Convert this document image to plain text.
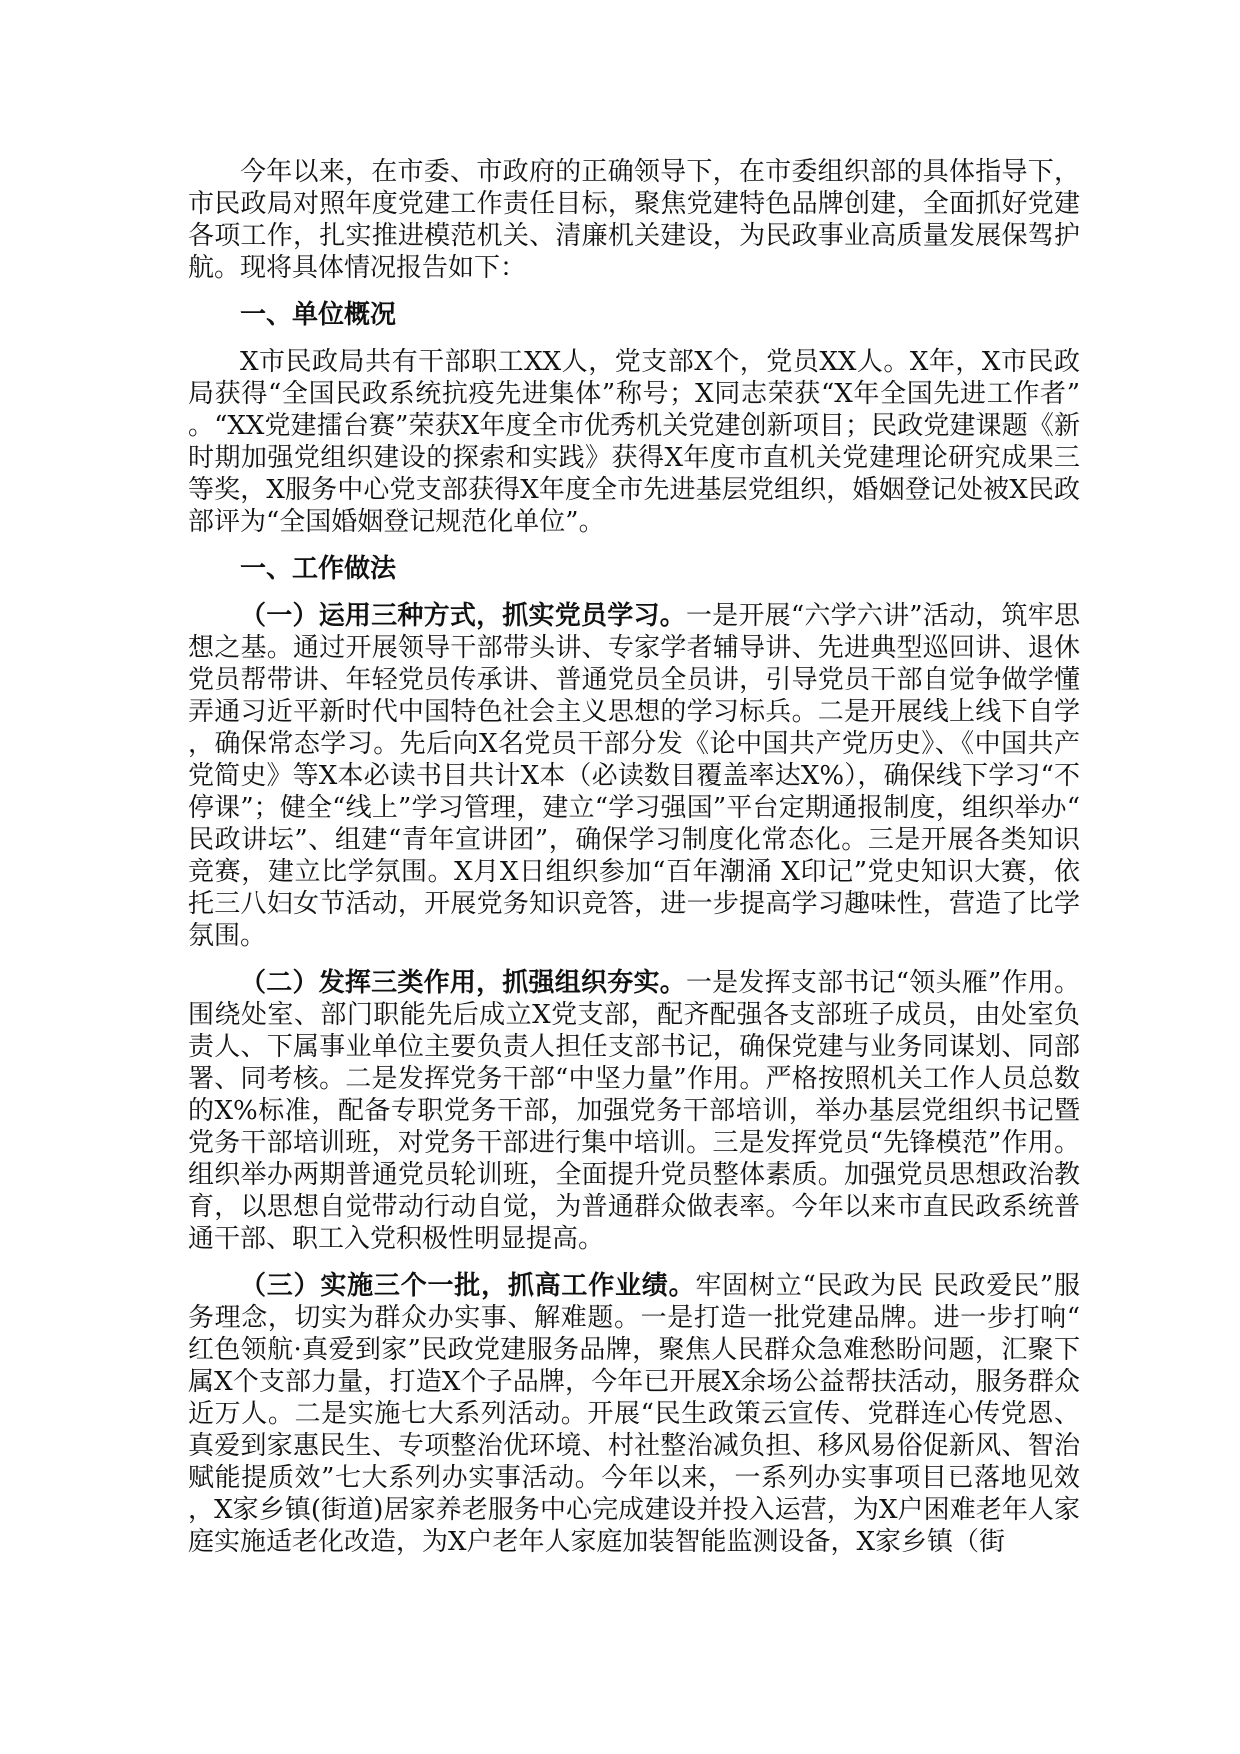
今年以来，在市委、市政府的正确领导下，在市委组织部的具体指导下，市民政局对照年度党建工作责任目标，聚焦党建特色品牌创建，全面抓好党建各项工作，扎实推进模范机关、清廉机关建设，为民政事业高质量发展保驾护航。现将具体情况报告如下：

一、单位概况

X市民政局共有干部职工XX人，党支部X个，党员XX人。X年，X市民政局获得“全国民政系统抗疫先进集体”称号；X同志荣获“X年全国先进工作者”。“XX党建擂台赛”荣获X年度全市优秀机关党建创新项目；民政党建课题《新时期加强党组织建设的探索和实践》获得X年度市直机关党建理论研究成果三等奖，X服务中心党支部获得X年度全市先进基层党组织，婚姻登记处被X民政部评为“全国婚姻登记规范化单位”。

一、工作做法

（一）运用三种方式，抓实党员学习。一是开展“六学六讲”活动，筑牢思想之基。通过开展领导干部带头讲、专家学者辅导讲、先进典型巡回讲、退休党员帮带讲、年轻党员传承讲、普通党员全员讲，引导党员干部自觉争做学懂弄通习近平新时代中国特色社会主义思想的学习标兵。二是开展线上线下自学，确保常态学习。先后向X名党员干部分发《论中国共产党历史》、《中国共产党简史》等X本必读书目共计X本（必读数目覆盖率达X%），确保线下学习“不停课”；健全“线上”学习管理，建立“学习强国”平台定期通报制度，组织举办“民政讲坛”、组建“青年宣讲团”，确保学习制度化常态化。三是开展各类知识竞赛，建立比学氛围。X月X日组织参加“百年潮涌 X印记”党史知识大赛，依托三八妇女节活动，开展党务知识竞答，进一步提高学习趣味性，营造了比学氛围。

（二）发挥三类作用，抓强组织夯实。一是发挥支部书记“领头雁”作用。围绕处室、部门职能先后成立X党支部，配齐配强各支部班子成员，由处室负责人、下属事业单位主要负责人担任支部书记，确保党建与业务同谋划、同部署、同考核。二是发挥党务干部“中坚力量”作用。严格按照机关工作人员总数的X%标准，配备专职党务干部，加强党务干部培训，举办基层党组织书记暨党务干部培训班，对党务干部进行集中培训。三是发挥党员“先锋模范”作用。组织举办两期普通党员轮训班，全面提升党员整体素质。加强党员思想政治教育，以思想自觉带动行动自觉，为普通群众做表率。今年以来市直民政系统普通干部、职工入党积极性明显提高。

（三）实施三个一批，抓高工作业绩。牢固树立“民政为民 民政爱民”服务理念，切实为群众办实事、解难题。一是打造一批党建品牌。进一步打响“红色领航·真爱到家”民政党建服务品牌，聚焦人民群众急难愁盼问题，汇聚下属X个支部力量，打造X个子品牌，今年已开展X余场公益帮扶活动，服务群众近万人。二是实施七大系列活动。开展“民生政策云宣传、党群连心传党恩、真爱到家惠民生、专项整治优环境、村社整治减负担、移风易俗促新风、智治赋能提质效”七大系列办实事活动。今年以来，一系列办实事项目已落地见效，X家乡镇(街道)居家养老服务中心完成建设并投入运营，为X户困难老年人家庭实施适老化改造，为X户老年人家庭加装智能监测设备，X家乡镇（街
